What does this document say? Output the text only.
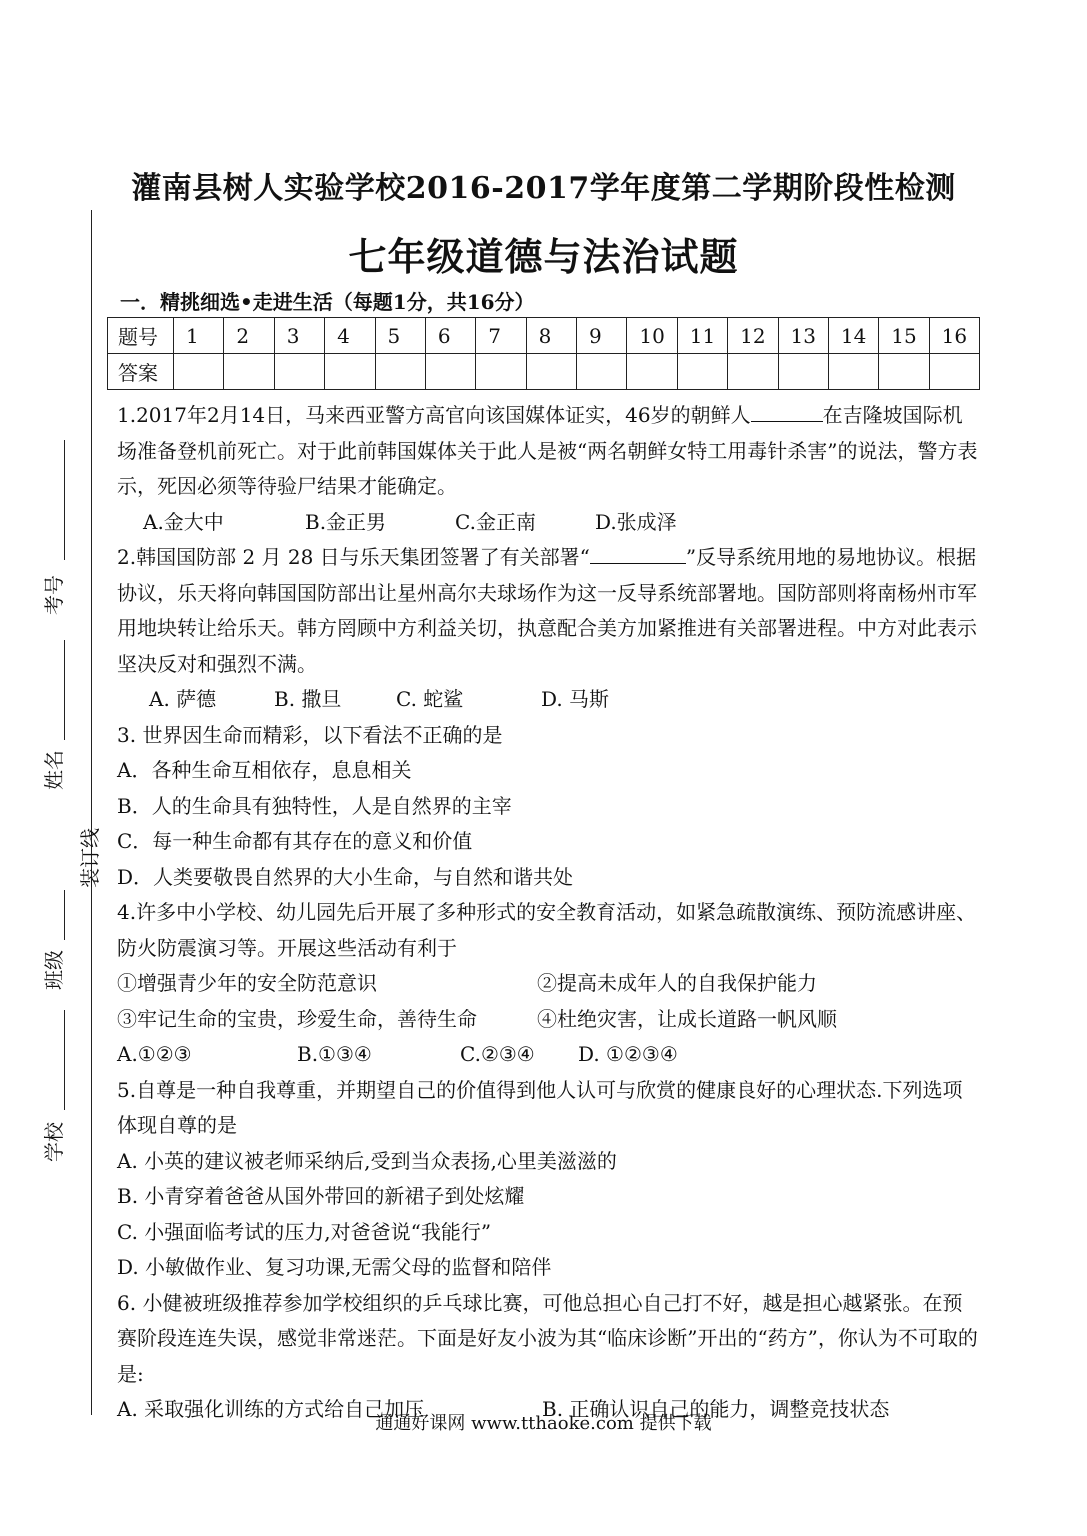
考号
姓名
装订线
班级
学校
灌南县树人实验学校2016-2017学年度第二学期阶段性检测
七年级道德与法治试题
一．精挑细选•走进生活（每题1分，共16分）
题号	1	2	3	4	5	6	7	8	9	10	11	12	13	14	15	16
答案																

1.2017年2月14日，马来西亚警方高官向该国媒体证实，46岁的朝鲜人	在吉隆坡国际机场准备登机前死亡。对于此前韩国媒体关于此人是被“两名朝鲜女特工用毒针杀害”的说法，警方表示，死因必须等待验尸结果才能确定。

A.金大中	B.金正男	C.金正南	D.张成泽

2.韩国国防部 2 月 28 日与乐天集团签署了有关部署“	”反导系统用地的易地协议。根据协议，乐天将向韩国国防部出让星州高尔夫球场作为这一反导系统部署地。国防部则将南杨州市军用地块转让给乐天。韩方罔顾中方利益关切，执意配合美方加紧推进有关部署进程。中方对此表示坚决反对和强烈不满。

A. 萨德	B. 撒旦	C. 蛇鲨	D. 马斯

3. 世界因生命而精彩，以下看法不正确的是

A．各种生命互相依存，息息相关

B．人的生命具有独特性，人是自然界的主宰

C．每一种生命都有其存在的意义和价值

D．人类要敬畏自然界的大小生命，与自然和谐共处

4.许多中小学校、幼儿园先后开展了多种形式的安全教育活动，如紧急疏散演练、预防流感讲座、防火防震演习等。开展这些活动有利于

①增强青少年的安全防范意识	②提高未成年人的自我保护能力

③牢记生命的宝贵，珍爱生命，善待生命	④杜绝灾害，让成长道路一帆风顺

A.①②③	B.①③④	C.②③④	D. ①②③④

5.自尊是一种自我尊重，并期望自己的价值得到他人认可与欣赏的健康良好的心理状态.下列选项体现自尊的是

A. 小英的建议被老师采纳后,受到当众表扬,心里美滋滋的

B. 小青穿着爸爸从国外带回的新裙子到处炫耀

C. 小强面临考试的压力,对爸爸说“我能行”

D. 小敏做作业、复习功课,无需父母的监督和陪伴

6. 小健被班级推荐参加学校组织的乒乓球比赛，可他总担心自己打不好，越是担心越紧张。在预赛阶段连连失误，感觉非常迷茫。下面是好友小波为其“临床诊断”开出的“药方”，你认为不可取的是:

A. 采取强化训练的方式给自己加压	B. 正确认识自己的能力，调整竞技状态

通通好课网 www.tthaoke.com 提供下载
